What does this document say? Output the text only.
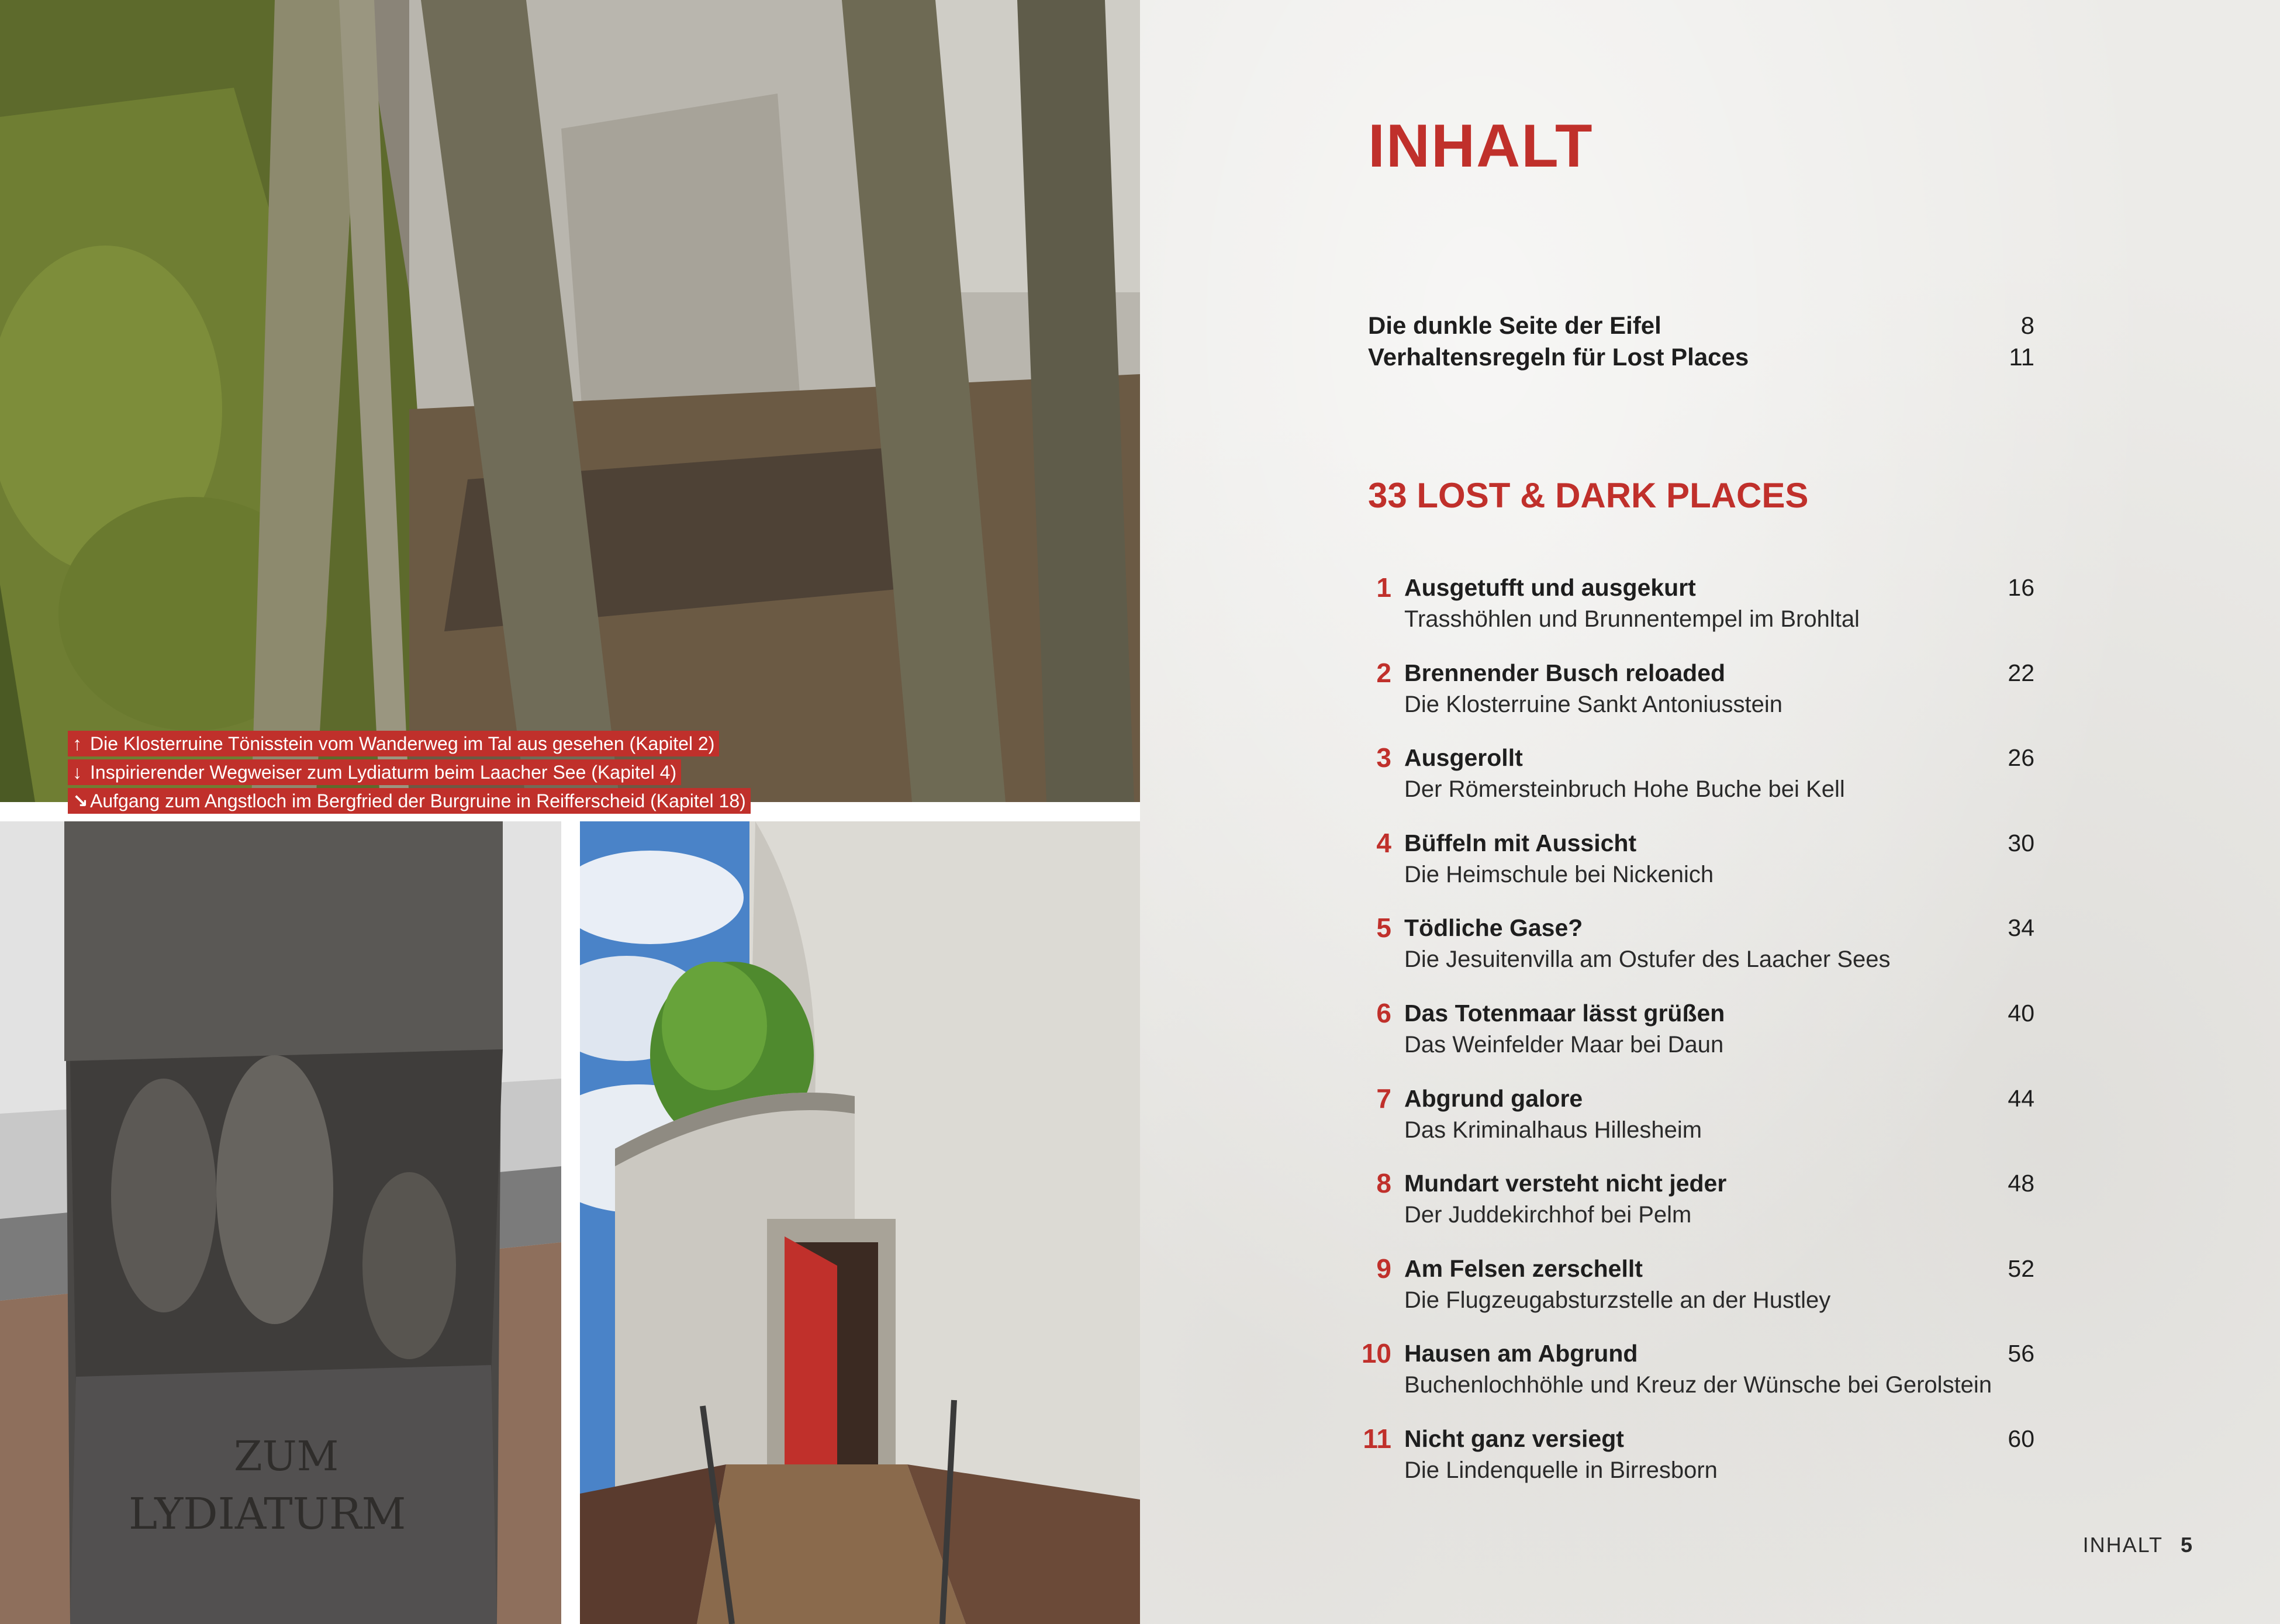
ZUM
LYDIATURM
↑ Die Klosterruine Tönisstein vom Wanderweg im Tal aus gesehen (Kapitel 2)
↓ Inspirierender Wegweiser zum Lydiaturm beim Laacher See (Kapitel 4)
↘Aufgang zum Angstloch im Bergfried der Burgruine in Reifferscheid (Kapitel 18)
INHALT
Die dunkle Seite der Eifel	8
Verhaltensregeln für Lost Places	11
33 LOST & DARK PLACES
1 Ausgetufft und ausgekurt
Trasshöhlen und Brunnentempel im Brohltal
16
2 Brennender Busch reloaded
Die Klosterruine Sankt Antoniusstein
22
3 Ausgerollt
Der Römersteinbruch Hohe Buche bei Kell
26
4 Büffeln mit Aussicht
Die Heimschule bei Nickenich
30
5 Tödliche Gase?
Die Jesuitenvilla am Ostufer des Laacher Sees
34
6 Das Totenmaar lässt grüßen
Das Weinfelder Maar bei Daun
40
7 Abgrund galore
Das Kriminalhaus Hillesheim
44
8 Mundart versteht nicht jeder
Der Juddekirchhof bei Pelm
48
9 Am Felsen zerschellt
Die Flugzeugabsturzstelle an der Hustley
52
10 Hausen am Abgrund
Buchenlochhöhle und Kreuz der Wünsche bei Gerolstein
56
11 Nicht ganz versiegt
Die Lindenquelle in Birresborn
60
INHALT 5
